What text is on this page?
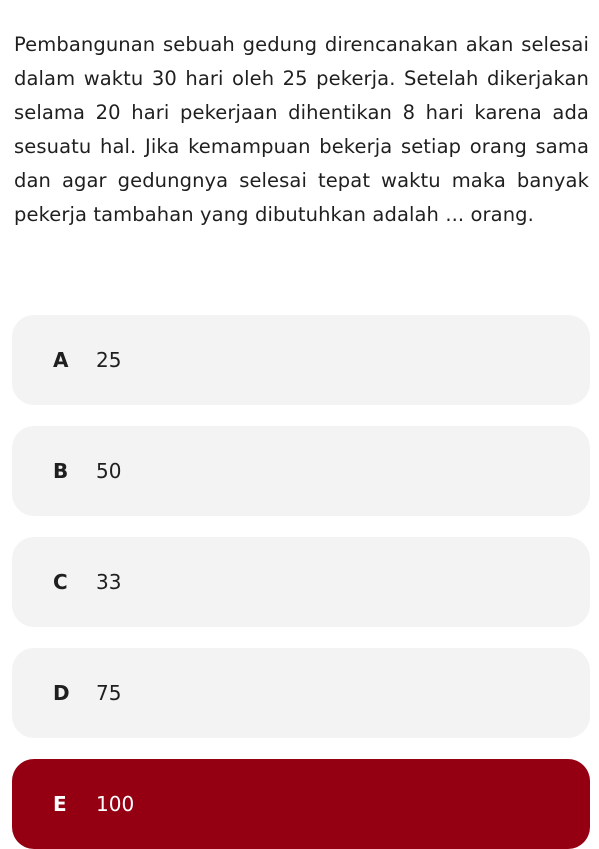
Pembangunan sebuah gedung direncanakan akan selesai dalam waktu 30 hari oleh 25 pekerja. Setelah dikerjakan selama 20 hari pekerjaan dihentikan 8 hari karena ada sesuatu hal. Jika kemampuan bekerja setiap orang sama dan agar gedungnya selesai tepat waktu maka banyak pekerja tambahan yang dibutuhkan adalah ... orang.

A 25
B 50
C 33
D 75
E 100
